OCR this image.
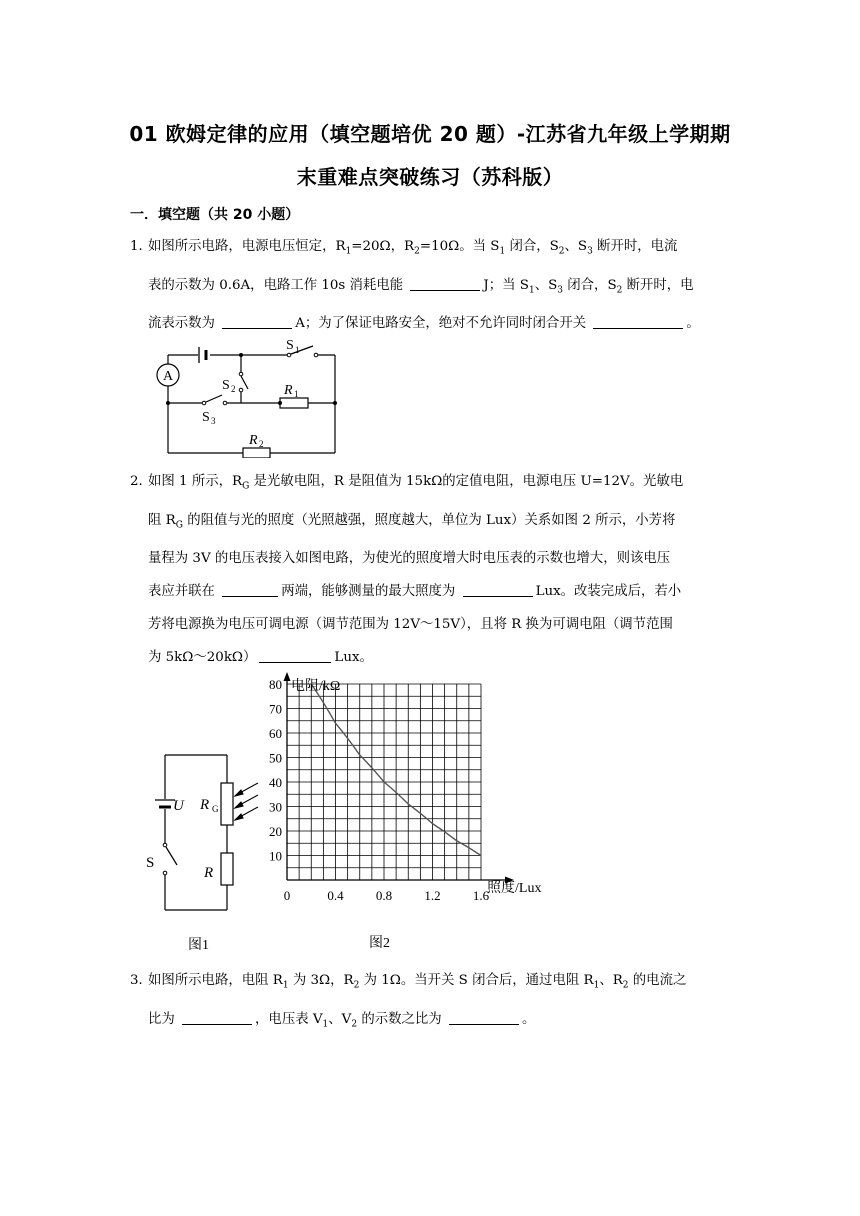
01 欧姆定律的应用（填空题培优 20 题）-江苏省九年级上学期期
末重难点突破练习（苏科版）
一．填空题（共 20 小题）
1．如图所示电路，电源电压恒定，$R_1=20\Omega$，$R_2=10\Omega$。当 $S_1$ 闭合，$S_2$、$S_3$ 断开时，电流
表的示数为 0.6A，电路工作 10s 消耗电能	J；当 $S_1$、$S_3$ 闭合，$S_2$ 断开时，电
流表示数为	A；为了保证电路安全，绝对不允许同时闭合开关	。
A
S 1
S 2
S 3
R 1
R 2
2．如图 1 所示，$R_G$ 是光敏电阻，R 是阻值为 15kΩ的定值电阻，电源电压 U=12V。光敏电
阻 $R_G$ 的阻值与光的照度（光照越强，照度越大，单位为 Lux）关系如图 2 所示，小芳将
量程为 3V 的电压表接入如图电路，为使光的照度增大时电压表的示数也增大，则该电压
表应并联在	两端，能够测量的最大照度为	Lux。改装完成后，若小
芳将电源换为电压可调电源（调节范围为 12V～15V），且将 R 换为可调电阻（调节范围
为 5kΩ～20kΩ）	Lux。
U
S
R G
R
图1
0	0.4 0.8 1.2 1.6
10
20
30
40
50
60
70
80 电阻/kΩ
照度/Lux
图2
3．如图所示电路，电阻 $R_1$ 为 3Ω，$R_2$ 为 1Ω。当开关 S 闭合后，通过电阻 $R_1$、$R_2$ 的电流之
比为	，电压表 $V_1$、$V_2$ 的示数之比为	。
